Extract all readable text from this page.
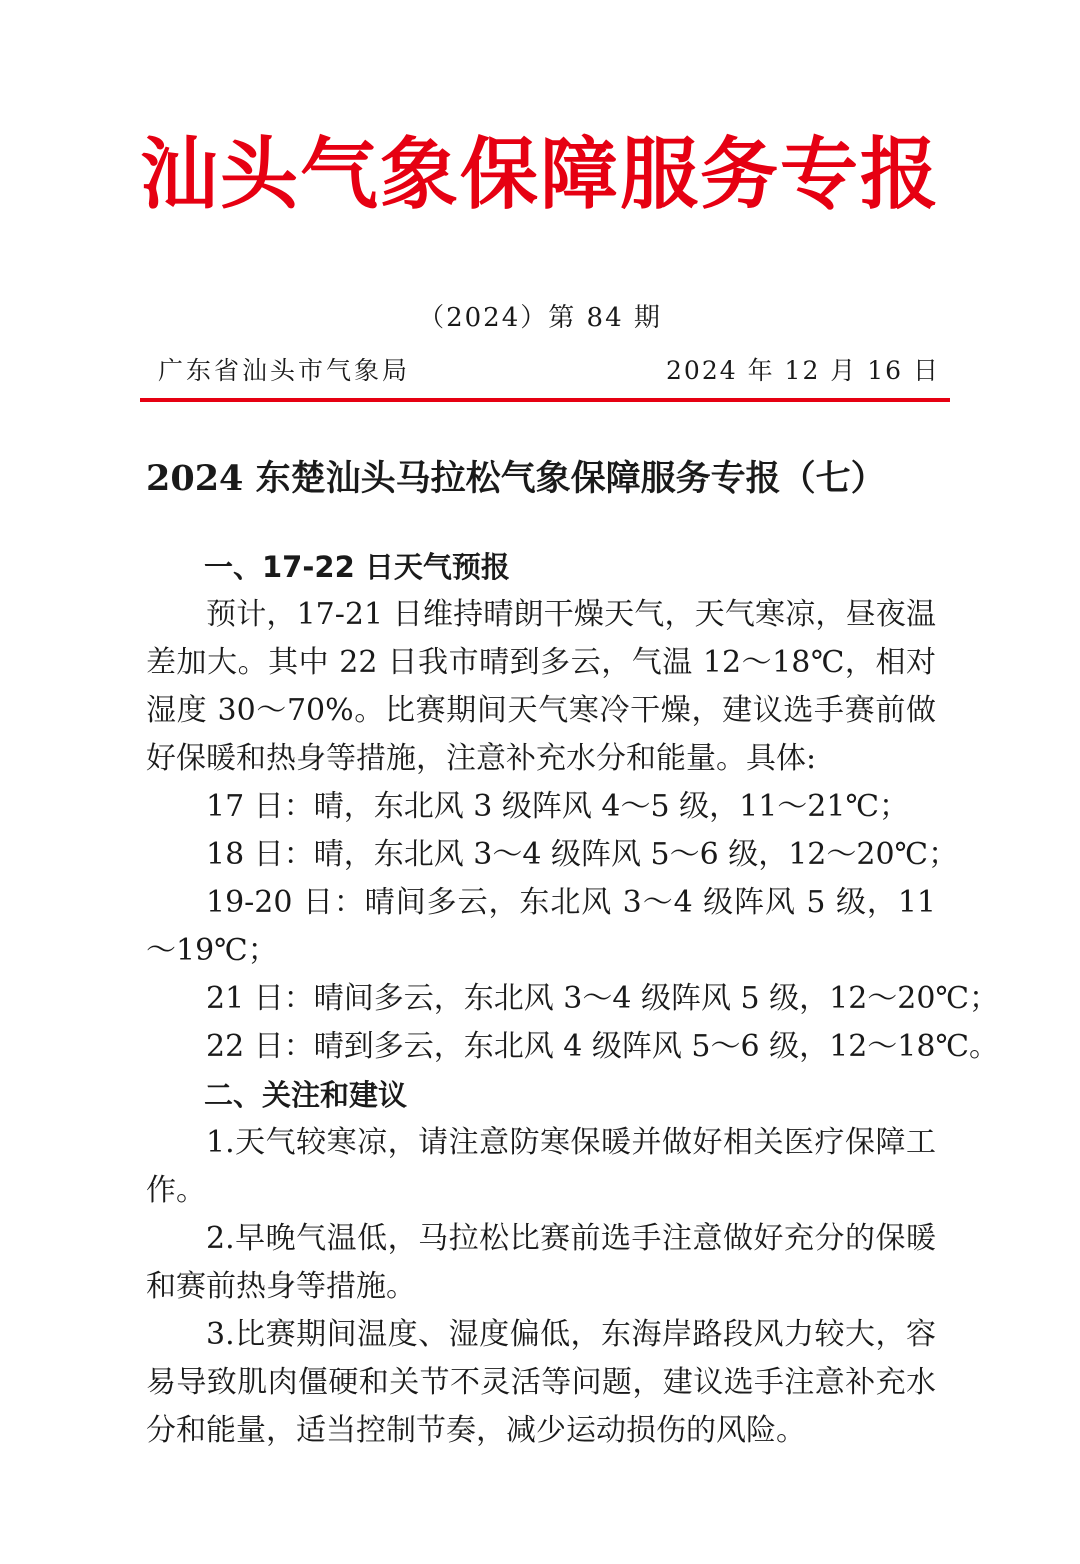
汕头气象保障服务专报
（2024）第 84 期
广东省汕头市气象局	2024 年 12 月 16 日
2024 东楚汕头马拉松气象保障服务专报（七）

一、17-22 日天气预报

预计，17-21 日维持晴朗干燥天气，天气寒凉，昼夜温差加大。其中 22 日我市晴到多云，气温 12～18℃，相对湿度 30～70%。比赛期间天气寒冷干燥，建议选手赛前做好保暖和热身等措施，注意补充水分和能量。具体:

17 日：晴，东北风 3 级阵风 4～5 级，11～21℃；

18 日：晴，东北风 3～4 级阵风 5～6 级，12～20℃；

19-20 日：晴间多云，东北风 3～4 级阵风 5 级，11～19℃；

21 日：晴间多云，东北风 3～4 级阵风 5 级，12～20℃；

22 日：晴到多云，东北风 4 级阵风 5～6 级，12～18℃。

二、关注和建议

1.天气较寒凉，请注意防寒保暖并做好相关医疗保障工作。

2.早晚气温低，马拉松比赛前选手注意做好充分的保暖和赛前热身等措施。

3.比赛期间温度、湿度偏低，东海岸路段风力较大，容易导致肌肉僵硬和关节不灵活等问题，建议选手注意补充水分和能量，适当控制节奏，减少运动损伤的风险。
